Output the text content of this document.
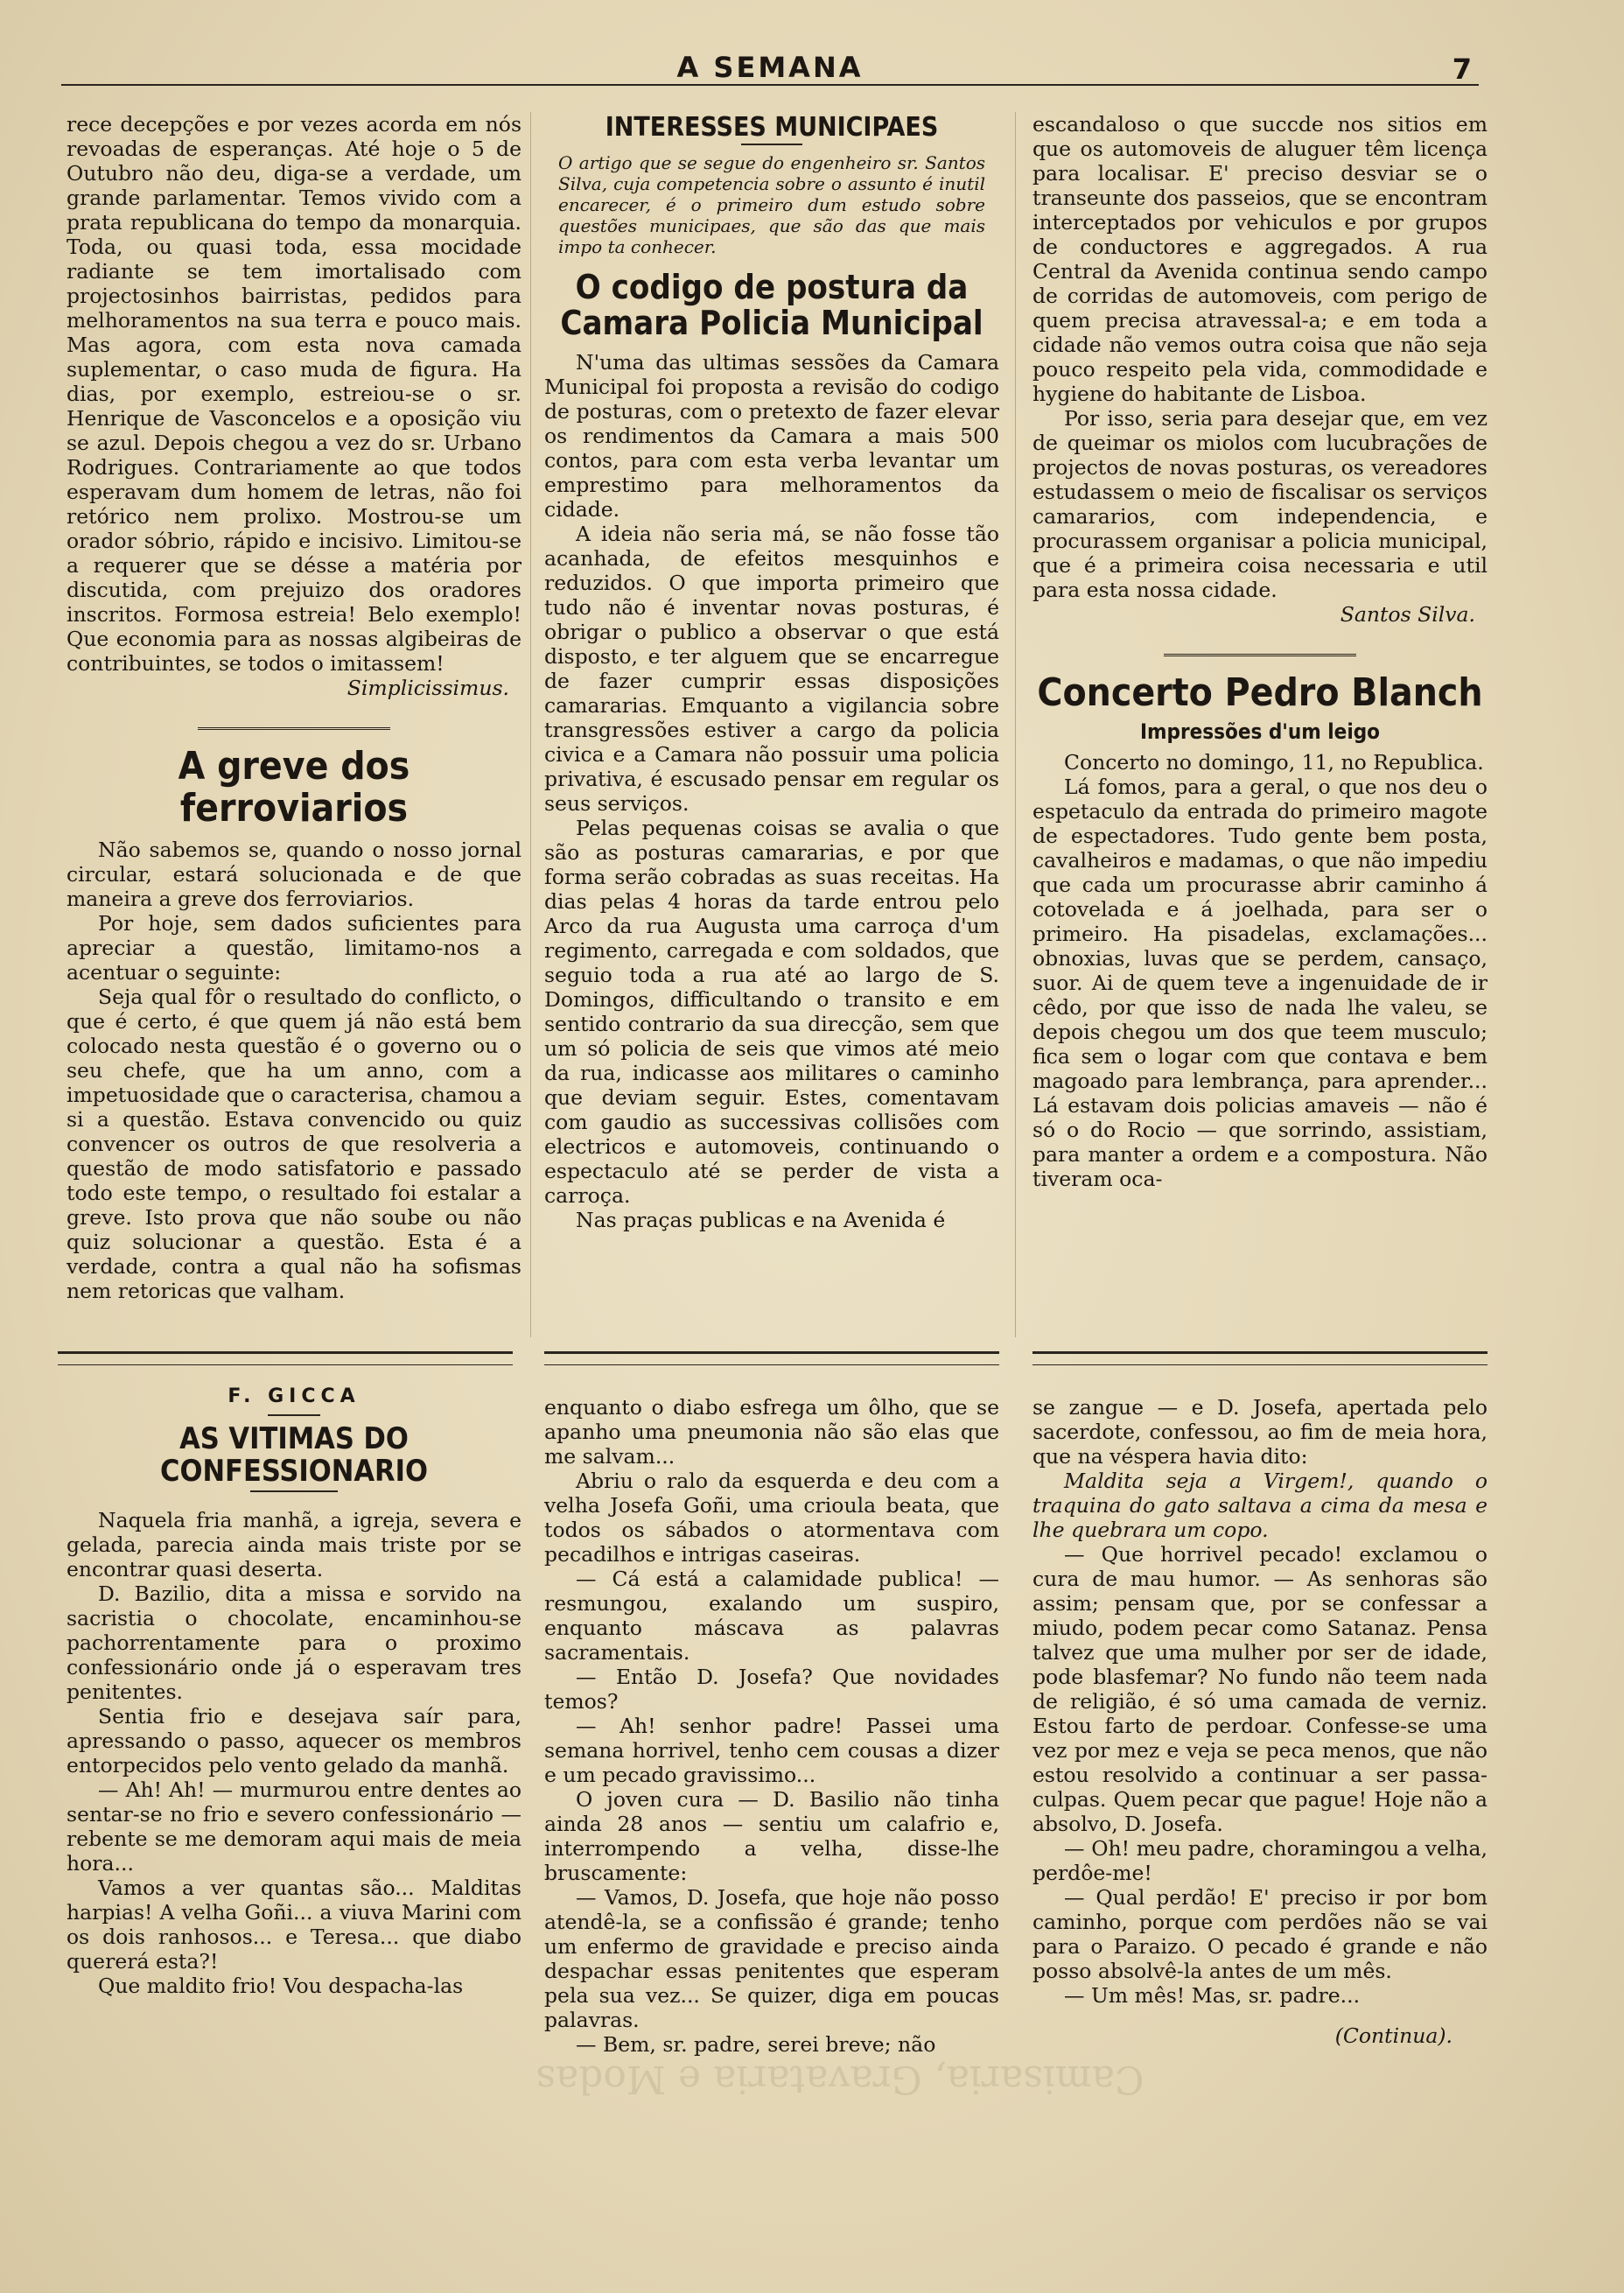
A SEMANA	7

rece decepções e por vezes acorda em nós revoadas de esperanças. Até hoje o 5 de Outubro não deu, diga-se a verdade, um grande parlamentar. Temos vivido com a prata republicana do tempo da monarquia. Toda, ou quasi toda, essa mocidade radiante se tem imortalisado com projectosinhos bairristas, pedidos para melhoramentos na sua terra e pouco mais. Mas agora, com esta nova camada suplementar, o caso muda de figura. Ha dias, por exemplo, estreiou-se o sr. Henrique de Vasconcelos e a oposição viu se azul. Depois chegou a vez do sr. Urbano Rodrigues. Contrariamente ao que todos esperavam dum homem de letras, não foi retórico nem prolixo. Mostrou-se um orador sóbrio, rápido e incisivo. Limitou-se a requerer que se désse a matéria por discutida, com prejuizo dos oradores inscritos. Formosa estreia! Belo exemplo! Que economia para as nossas algibeiras de contribuintes, se todos o imitassem!

Simplicissimus.
A greve dos ferroviarios

Não sabemos se, quando o nosso jornal circular, estará solucionada e de que maneira a greve dos ferroviarios.

Por hoje, sem dados suficientes para apreciar a questão, limitamo-nos a acentuar o seguinte:

Seja qual fôr o resultado do conflicto, o que é certo, é que quem já não está bem colocado nesta questão é o governo ou o seu chefe, que ha um anno, com a impetuosidade que o caracterisa, chamou a si a questão. Estava convencido ou quiz convencer os outros de que resolveria a questão de modo satisfatorio e passado todo este tempo, o resultado foi estalar a greve. Isto prova que não soube ou não quiz solucionar a questão. Esta é a verdade, contra a qual não ha sofismas nem retoricas que valham.

INTERESSES MUNICIPAES
O artigo que se segue do engenheiro sr. Santos Silva, cuja competencia sobre o assunto é inutil encarecer, é o primeiro dum estudo sobre questões municipaes, que são das que mais impo ta conhecer.
O codigo de postura da Camara Policia Municipal

N'uma das ultimas sessões da Camara Municipal foi proposta a revisão do codigo de posturas, com o pretexto de fazer elevar os rendimentos da Camara a mais 500 contos, para com esta verba levantar um emprestimo para melhoramentos da cidade.

A ideia não seria má, se não fosse tão acanhada, de efeitos mesquinhos e reduzidos. O que importa primeiro que tudo não é inventar novas posturas, é obrigar o publico a observar o que está disposto, e ter alguem que se encarregue de fazer cumprir essas disposições camararias. Emquanto a vigilancia sobre transgressões estiver a cargo da policia civica e a Camara não possuir uma policia privativa, é escusado pensar em regular os seus serviços.

Pelas pequenas coisas se avalia o que são as posturas camararias, e por que forma serão cobradas as suas receitas. Ha dias pelas 4 horas da tarde entrou pelo Arco da rua Augusta uma carroça d'um regimento, carregada e com soldados, que seguio toda a rua até ao largo de S. Domingos, difficultando o transito e em sentido contrario da sua direcção, sem que um só policia de seis que vimos até meio da rua, indicasse aos militares o caminho que deviam seguir. Estes, comentavam com gaudio as successivas collisões com electricos e automoveis, continuando o espectaculo até se perder de vista a carroça.

Nas praças publicas e na Avenida é

escandaloso o que succde nos sitios em que os automoveis de aluguer têm licença para localisar. E' preciso desviar se o transeunte dos passeios, que se encontram interceptados por vehiculos e por grupos de conductores e aggregados. A rua Central da Avenida continua sendo campo de corridas de automoveis, com perigo de quem precisa atravessal-a; e em toda a cidade não vemos outra coisa que não seja pouco respeito pela vida, commodidade e hygiene do habitante de Lisboa.

Por isso, seria para desejar que, em vez de queimar os miolos com lucubrações de projectos de novas posturas, os vereadores estudassem o meio de fiscalisar os serviços camararios, com independencia, e procurassem organisar a policia municipal, que é a primeira coisa necessaria e util para esta nossa cidade.

Santos Silva.
Concerto Pedro Blanch
Impressões d'um leigo

Concerto no domingo, 11, no Republica.

Lá fomos, para a geral, o que nos deu o espetaculo da entrada do primeiro magote de espectadores. Tudo gente bem posta, cavalheiros e madamas, o que não impediu que cada um procurasse abrir caminho á cotovelada e á joelhada, para ser o primeiro. Ha pisadelas, exclamações... obnoxias, luvas que se perdem, cansaço, suor. Ai de quem teve a ingenuidade de ir cêdo, por que isso de nada lhe valeu, se depois chegou um dos que teem musculo; fica sem o logar com que contava e bem magoado para lembrança, para aprender... Lá estavam dois policias amaveis — não é só o do Rocio — que sorrindo, assistiam, para manter a ordem e a compostura. Não tiveram oca-

F. GICCA
AS VITIMAS DO CONFESSIONARIO

Naquela fria manhã, a igreja, severa e gelada, parecia ainda mais triste por se encontrar quasi deserta.

D. Bazilio, dita a missa e sorvido na sacristia o chocolate, encaminhou-se pachorrentamente para o proximo confessionário onde já o esperavam tres penitentes.

Sentia frio e desejava saír para, apressando o passo, aquecer os membros entorpecidos pelo vento gelado da manhã.

— Ah! Ah! — murmurou entre dentes ao sentar-se no frio e severo confessionário — rebente se me demoram aqui mais de meia hora...

Vamos a ver quantas são... Malditas harpias! A velha Goñi... a viuva Marini com os dois ranhosos... e Teresa... que diabo quererá esta?!

Que maldito frio! Vou despacha-las

enquanto o diabo esfrega um ôlho, que se apanho uma pneumonia não são elas que me salvam...

Abriu o ralo da esquerda e deu com a velha Josefa Goñi, uma crioula beata, que todos os sábados o atormentava com pecadilhos e intrigas caseiras.

— Cá está a calamidade publica! — resmungou, exalando um suspiro, enquanto máscava as palavras sacramentais.

— Então D. Josefa? Que novidades temos?

— Ah! senhor padre! Passei uma semana horrivel, tenho cem cousas a dizer e um pecado gravissimo...

O joven cura — D. Basilio não tinha ainda 28 anos — sentiu um calafrio e, interrompendo a velha, disse-lhe bruscamente:

— Vamos, D. Josefa, que hoje não posso atendê-la, se a confissão é grande; tenho um enfermo de gravidade e preciso ainda despachar essas penitentes que esperam pela sua vez... Se quizer, diga em poucas palavras.

— Bem, sr. padre, serei breve; não

se zangue — e D. Josefa, apertada pelo sacerdote, confessou, ao fim de meia hora, que na véspera havia dito:

Maldita seja a Virgem!, quando o traquina do gato saltava a cima da mesa e lhe quebrara um copo.

— Que horrivel pecado! exclamou o cura de mau humor. — As senhoras são assim; pensam que, por se confessar a miudo, podem pecar como Satanaz. Pensa talvez que uma mulher por ser de idade, pode blasfemar? No fundo não teem nada de religião, é só uma camada de verniz. Estou farto de perdoar. Confesse-se uma vez por mez e veja se peca menos, que não estou resolvido a continuar a ser passa-culpas. Quem pecar que pague! Hoje não a absolvo, D. Josefa.

— Oh! meu padre, choramingou a velha, perdôe-me!

— Qual perdão! E' preciso ir por bom caminho, porque com perdões não se vai para o Paraizo. O pecado é grande e não posso absolvê-la antes de um mês.

— Um mês! Mas, sr. padre...

(Continua).
Camisaria, Gravataria e Modas
